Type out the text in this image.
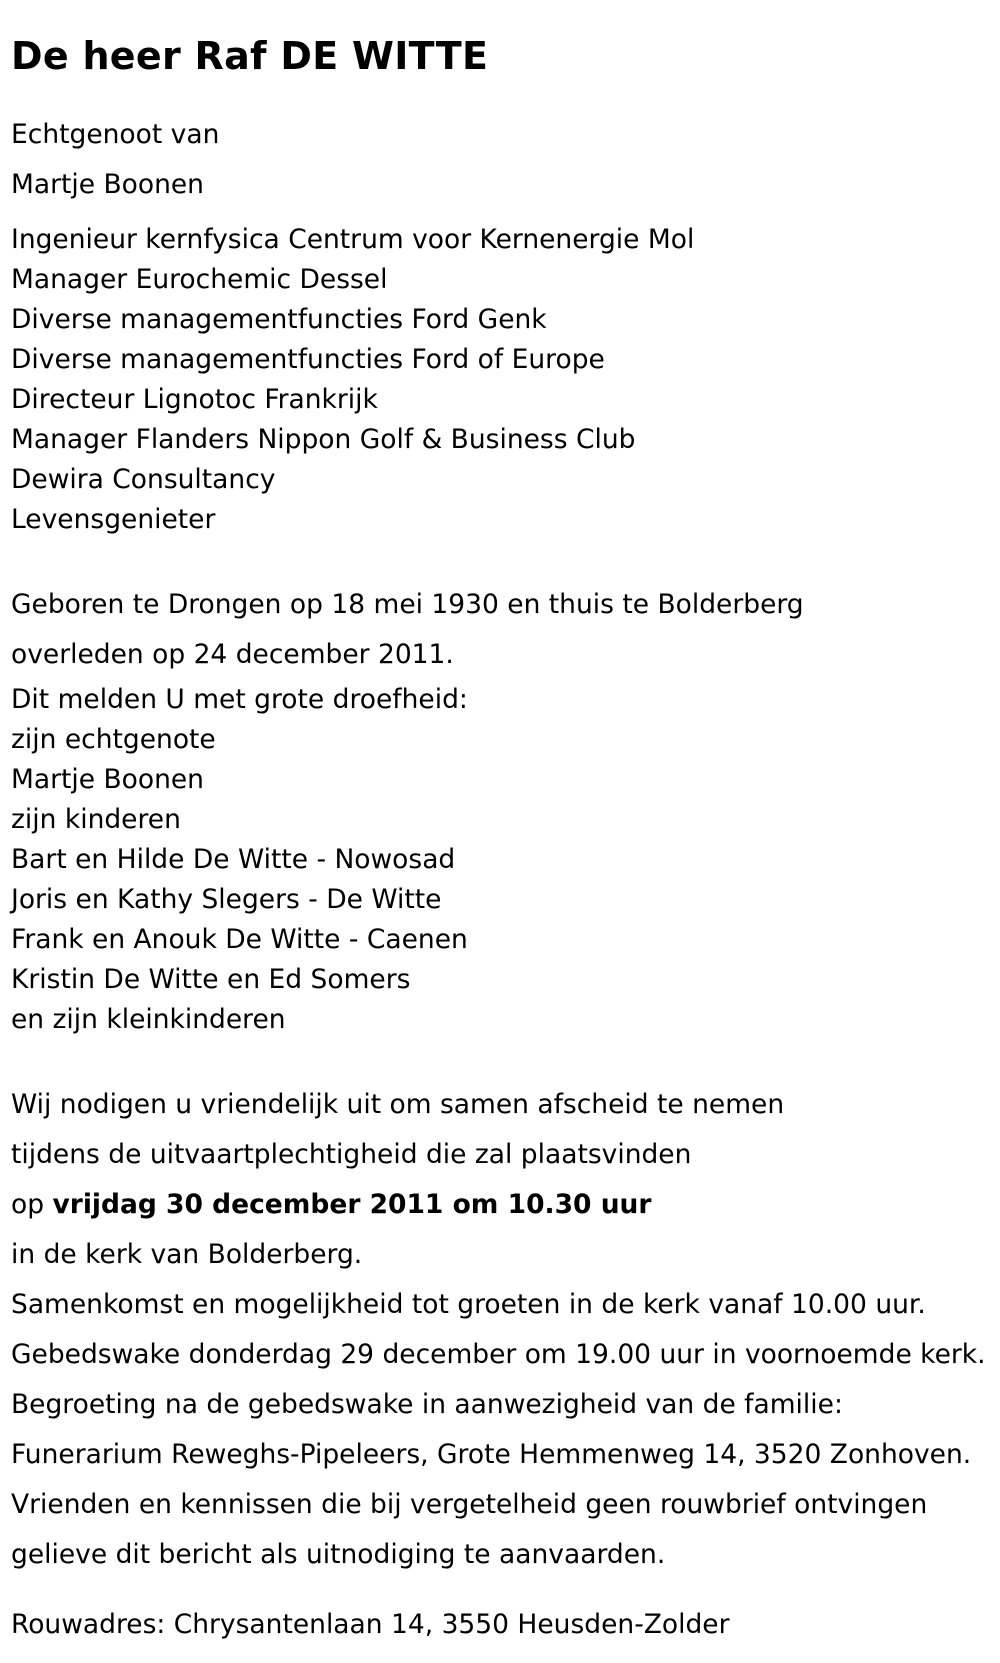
De heer Raf DE WITTE
Echtgenoot van
Martje Boonen
Ingenieur kernfysica Centrum voor Kernenergie Mol
Manager Eurochemic Dessel
Diverse managementfuncties Ford Genk
Diverse managementfuncties Ford of Europe
Directeur Lignotoc Frankrijk
Manager Flanders Nippon Golf & Business Club
Dewira Consultancy
Levensgenieter
Geboren te Drongen op 18 mei 1930 en thuis te Bolderberg
overleden op 24 december 2011.
Dit melden U met grote droefheid:
zijn echtgenote
Martje Boonen
zijn kinderen
Bart en Hilde De Witte - Nowosad
Joris en Kathy Slegers - De Witte
Frank en Anouk De Witte - Caenen
Kristin De Witte en Ed Somers
en zijn kleinkinderen
Wij nodigen u vriendelijk uit om samen afscheid te nemen
tijdens de uitvaartplechtigheid die zal plaatsvinden
op vrijdag 30 december 2011 om 10.30 uur
in de kerk van Bolderberg.
Samenkomst en mogelijkheid tot groeten in de kerk vanaf 10.00 uur.
Gebedswake donderdag 29 december om 19.00 uur in voornoemde kerk.
Begroeting na de gebedswake in aanwezigheid van de familie:
Funerarium Reweghs-Pipeleers, Grote Hemmenweg 14, 3520 Zonhoven.
Vrienden en kennissen die bij vergetelheid geen rouwbrief ontvingen
gelieve dit bericht als uitnodiging te aanvaarden.
Rouwadres: Chrysantenlaan 14, 3550 Heusden-Zolder
